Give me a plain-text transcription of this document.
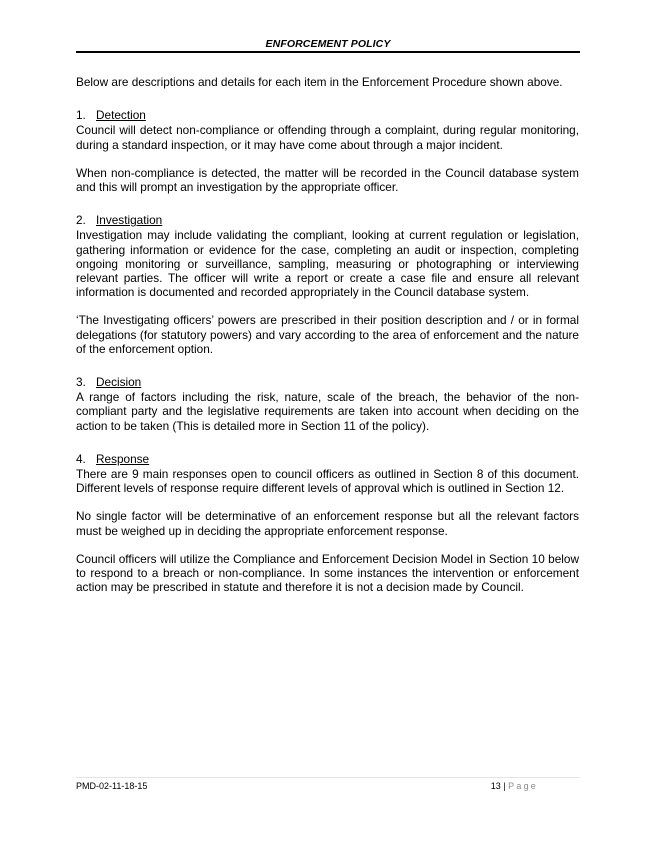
ENFORCEMENT POLICY

Below are descriptions and details for each item in the Enforcement Procedure shown above.

1. Detection

Council will detect non-compliance or offending through a complaint, during regular monitoring, during a standard inspection, or it may have come about through a major incident.

When non-compliance is detected, the matter will be recorded in the Council database system and this will prompt an investigation by the appropriate officer.

2. Investigation

Investigation may include validating the compliant, looking at current regulation or legislation, gathering information or evidence for the case, completing an audit or inspection, completing ongoing monitoring or surveillance, sampling, measuring or photographing or interviewing relevant parties. The officer will write a report or create a case file and ensure all relevant information is documented and recorded appropriately in the Council database system.

‘The Investigating officers’ powers are prescribed in their position description and / or in formal delegations (for statutory powers) and vary according to the area of enforcement and the nature of the enforcement option.

3. Decision

A range of factors including the risk, nature, scale of the breach, the behavior of the non-compliant party and the legislative requirements are taken into account when deciding on the action to be taken (This is detailed more in Section 11 of the policy).

4. Response

There are 9 main responses open to council officers as outlined in Section 8 of this document. Different levels of response require different levels of approval which is outlined in Section 12.

No single factor will be determinative of an enforcement response but all the relevant factors must be weighed up in deciding the appropriate enforcement response.

Council officers will utilize the Compliance and Enforcement Decision Model in Section 10 below to respond to a breach or non-compliance. In some instances the intervention or enforcement action may be prescribed in statute and therefore it is not a decision made by Council.

PMD-02-11-18-15	13 | Page
